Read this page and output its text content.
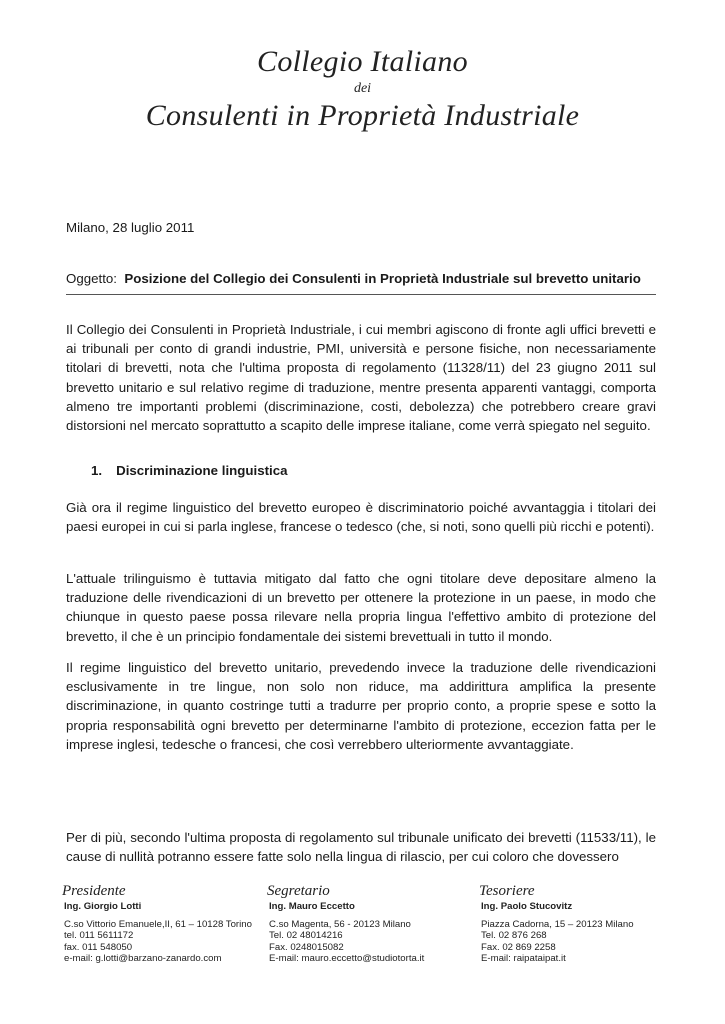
Collegio Italiano
dei
Consulenti in Proprietà Industriale
Milano, 28 luglio 2011
Oggetto: Posizione del Collegio dei Consulenti in Proprietà Industriale sul brevetto unitario

Il Collegio dei Consulenti in Proprietà Industriale, i cui membri agiscono di fronte agli uffici brevetti e ai tribunali per conto di grandi industrie, PMI, università e persone fisiche, non necessariamente titolari di brevetti, nota che l'ultima proposta di regolamento (11328/11) del 23 giugno 2011 sul brevetto unitario e sul relativo regime di traduzione, mentre presenta apparenti vantaggi, comporta almeno tre importanti problemi (discriminazione, costi, debolezza) che potrebbero creare gravi distorsioni nel mercato soprattutto a scapito delle imprese italiane, come verrà spiegato nel seguito.

1. Discriminazione linguistica

Già ora il regime linguistico del brevetto europeo è discriminatorio poiché avvantaggia i titolari dei paesi europei in cui si parla inglese, francese o tedesco (che, si noti, sono quelli più ricchi e potenti).

L'attuale trilinguismo è tuttavia mitigato dal fatto che ogni titolare deve depositare almeno la traduzione delle rivendicazioni di un brevetto per ottenere la protezione in un paese, in modo che chiunque in questo paese possa rilevare nella propria lingua l'effettivo ambito di protezione del brevetto, il che è un principio fondamentale dei sistemi brevettuali in tutto il mondo.

Il regime linguistico del brevetto unitario, prevedendo invece la traduzione delle rivendicazioni esclusivamente in tre lingue, non solo non riduce, ma addirittura amplifica la presente discriminazione, in quanto costringe tutti a tradurre per proprio conto, a proprie spese e sotto la propria responsabilità ogni brevetto per determinarne l'ambito di protezione, eccezion fatta per le imprese inglesi, tedesche o francesi, che così verrebbero ulteriormente avvantaggiate.

Per di più, secondo l'ultima proposta di regolamento sul tribunale unificato dei brevetti (11533/11), le cause di nullità potranno essere fatte solo nella lingua di rilascio, per cui coloro che dovessero

Presidente
Ing. Giorgio Lotti
C.so Vittorio Emanuele,II, 61 – 10128 Torino
tel. 011 5611172
fax. 011 548050
e-mail: g.lotti@barzano-zanardo.com
Segretario
Ing. Mauro Eccetto
C.so Magenta, 56 - 20123 Milano
Tel. 02 48014216
Fax. 0248015082
E-mail: mauro.eccetto@studiotorta.it
Tesoriere
Ing. Paolo Stucovitz
Piazza Cadorna, 15 – 20123 Milano
Tel. 02 876 268
Fax. 02 869 2258
E-mail: raipataipat.it
